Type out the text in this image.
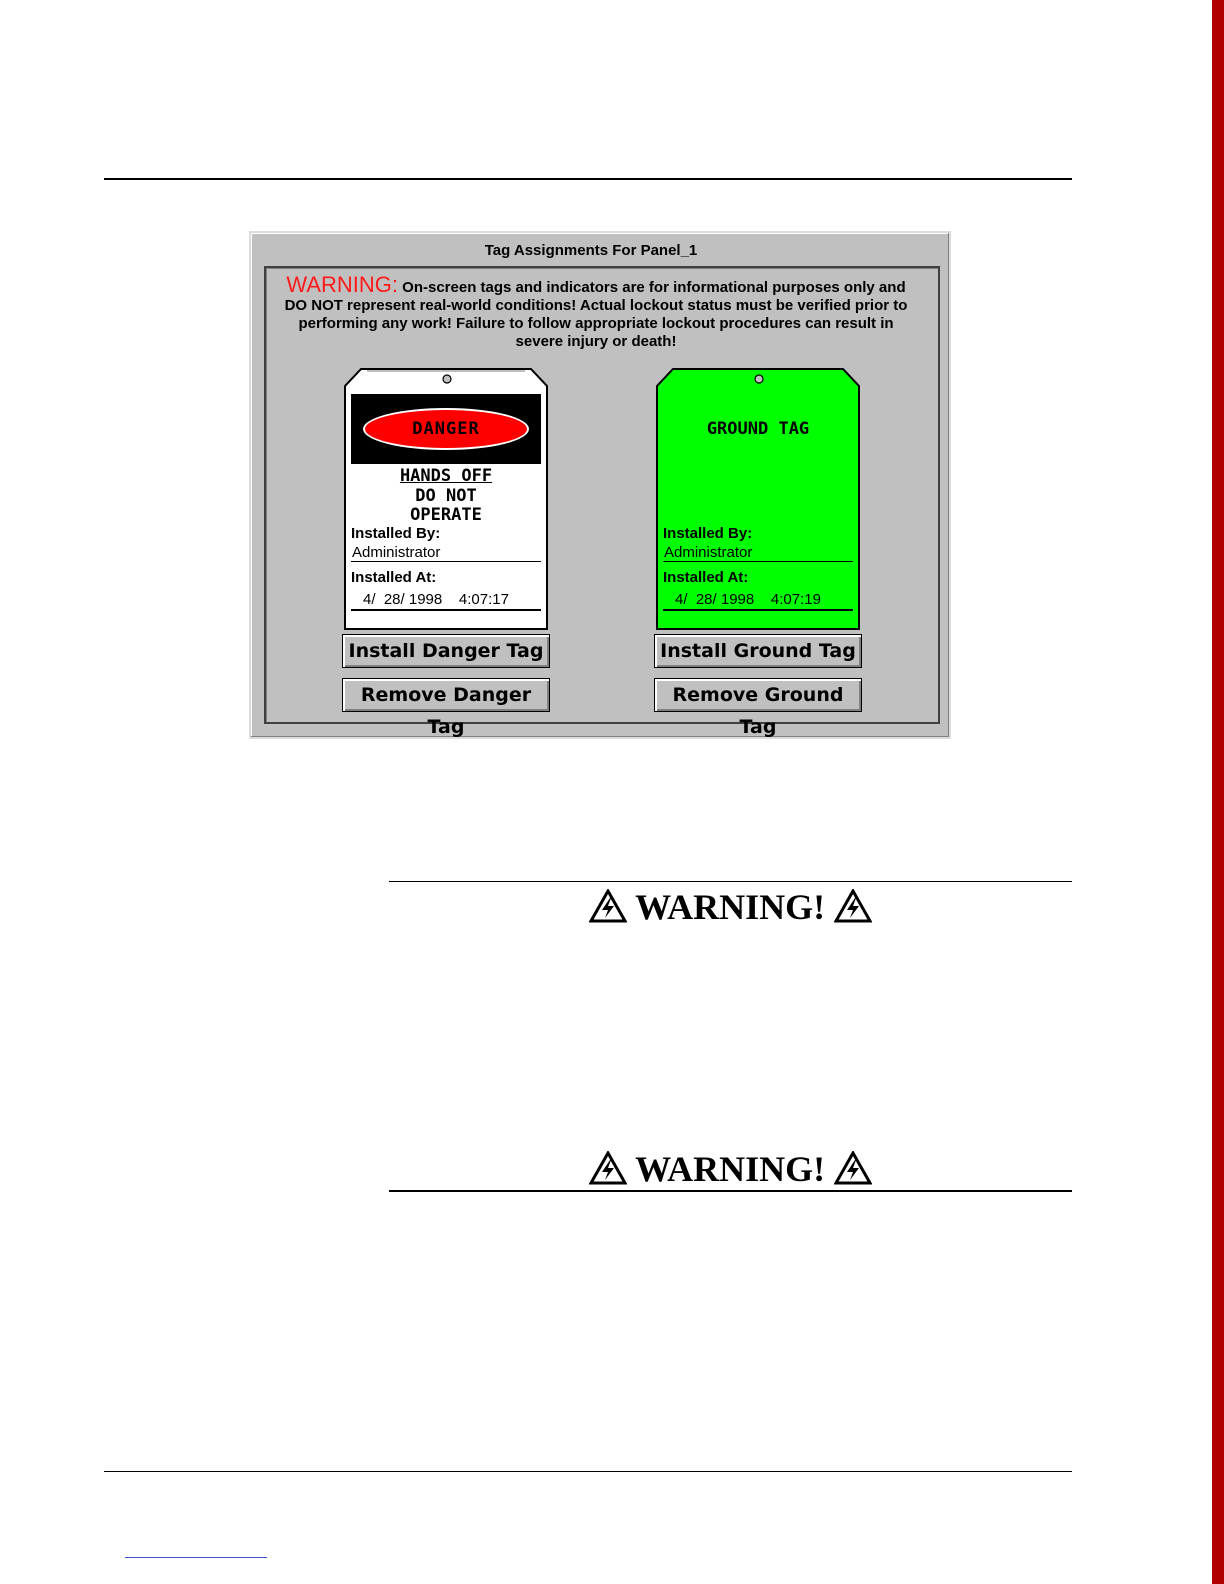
Tag Assignments For Panel_1
WARNING: On-screen tags and indicators are for informational purposes only and DO NOT represent real-world conditions! Actual lockout status must be verified prior to performing any work! Failure to follow appropriate lockout procedures can result in severe injury or death!
DANGER
HANDS OFF
DO NOT
OPERATE
Installed By:
Administrator
Installed At:
4/  28/ 1998    4:07:17
GROUND TAG
Installed By:
Administrator
Installed At:
4/  28/ 1998    4:07:19
Install Danger Tag
Remove Danger Tag
Install Ground Tag
Remove Ground Tag
WARNING!
WARNING!
